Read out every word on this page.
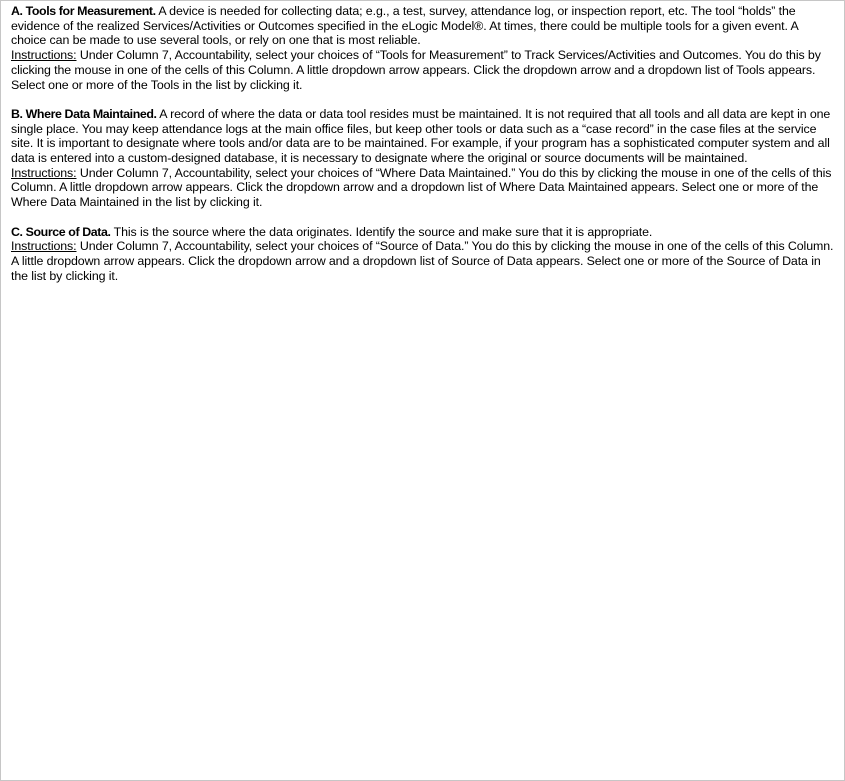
A. Tools for Measurement. A device is needed for collecting data; e.g., a test, survey, attendance log, or inspection report, etc. The tool “holds” the evidence of the realized Services/Activities or Outcomes specified in the eLogic Model®. At times, there could be multiple tools for a given event. A choice can be made to use several tools, or rely on one that is most reliable.

Instructions: Under Column 7, Accountability, select your choices of “Tools for Measurement” to Track Services/Activities and Outcomes. You do this by clicking the mouse in one of the cells of this Column. A little dropdown arrow appears. Click the dropdown arrow and a dropdown list of Tools appears. Select one or more of the Tools in the list by clicking it.

B. Where Data Maintained. A record of where the data or data tool resides must be maintained. It is not required that all tools and all data are kept in one single place. You may keep attendance logs at the main office files, but keep other tools or data such as a “case record” in the case files at the service site. It is important to designate where tools and/or data are to be maintained. For example, if your program has a sophisticated computer system and all data is entered into a custom-designed database, it is necessary to designate where the original or source documents will be maintained.

Instructions: Under Column 7, Accountability, select your choices of “Where Data Maintained.” You do this by clicking the mouse in one of the cells of this Column. A little dropdown arrow appears. Click the dropdown arrow and a dropdown list of Where Data Maintained appears. Select one or more of the Where Data Maintained in the list by clicking it.

C. Source of Data. This is the source where the data originates. Identify the source and make sure that it is appropriate.

Instructions: Under Column 7, Accountability, select your choices of “Source of Data.” You do this by clicking the mouse in one of the cells of this Column. A little dropdown arrow appears. Click the dropdown arrow and a dropdown list of Source of Data appears. Select one or more of the Source of Data in the list by clicking it.
